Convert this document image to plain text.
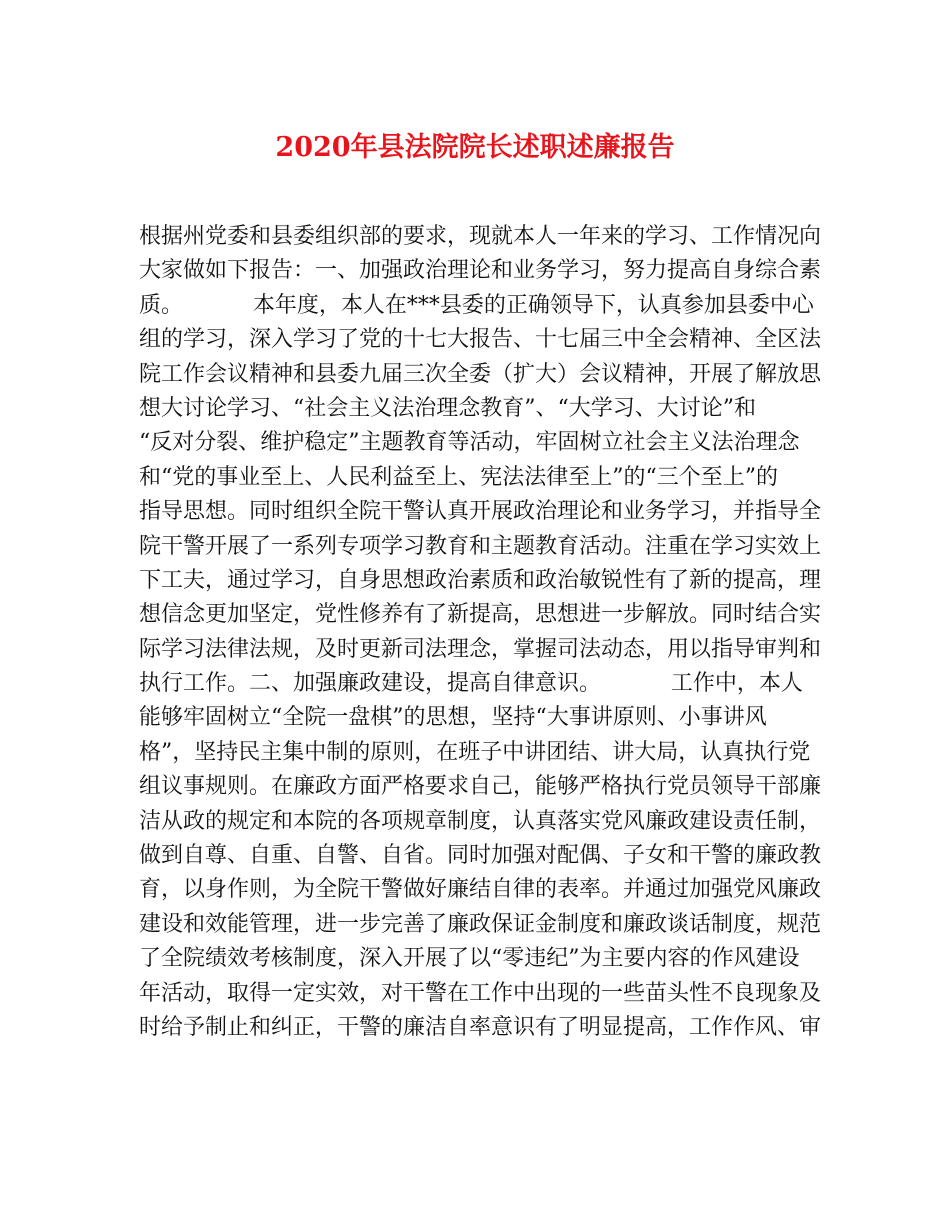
2020年县法院院长述职述廉报告
根据州党委和县委组织部的要求，现就本人一年来的学习、工作情况向
大家做如下报告：一、加强政治理论和业务学习，努力提高自身综合素
质。          本年度，本人在***县委的正确领导下，认真参加县委中心
组的学习，深入学习了党的十七大报告、十七届三中全会精神、全区法
院工作会议精神和县委九届三次全委（扩大）会议精神，开展了解放思
想大讨论学习、“社会主义法治理念教育”、“大学习、大讨论”和
“反对分裂、维护稳定”主题教育等活动，牢固树立社会主义法治理念
和“党的事业至上、人民利益至上、宪法法律至上”的“三个至上”的
指导思想。同时组织全院干警认真开展政治理论和业务学习，并指导全
院干警开展了一系列专项学习教育和主题教育活动。注重在学习实效上
下工夫，通过学习，自身思想政治素质和政治敏锐性有了新的提高，理
想信念更加坚定，党性修养有了新提高，思想进一步解放。同时结合实
际学习法律法规，及时更新司法理念，掌握司法动态，用以指导审判和
执行工作。二、加强廉政建设，提高自律意识。          工作中，本人
能够牢固树立“全院一盘棋”的思想，坚持“大事讲原则、小事讲风
格”，坚持民主集中制的原则，在班子中讲团结、讲大局，认真执行党
组议事规则。在廉政方面严格要求自己，能够严格执行党员领导干部廉
洁从政的规定和本院的各项规章制度，认真落实党风廉政建设责任制，
做到自尊、自重、自警、自省。同时加强对配偶、子女和干警的廉政教
育，以身作则，为全院干警做好廉结自律的表率。并通过加强党风廉政
建设和效能管理，进一步完善了廉政保证金制度和廉政谈话制度，规范
了全院绩效考核制度，深入开展了以“零违纪”为主要内容的作风建设
年活动，取得一定实效，对干警在工作中出现的一些苗头性不良现象及
时给予制止和纠正，干警的廉洁自率意识有了明显提高，工作作风、审
